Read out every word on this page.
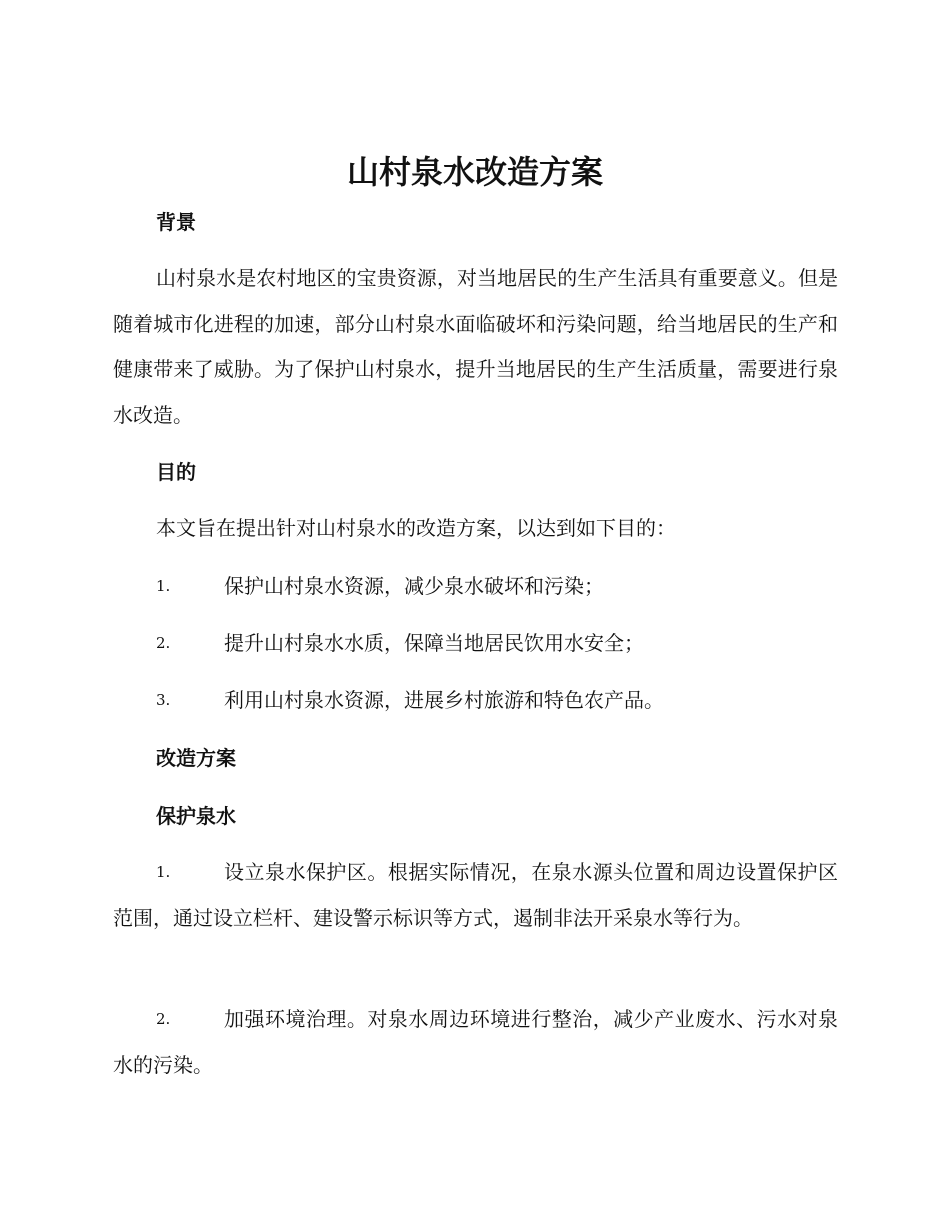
山村泉水改造方案
背景
山村泉水是农村地区的宝贵资源，对当地居民的生产生活具有重要意义。但是随着城市化进程的加速，部分山村泉水面临破坏和污染问题，给当地居民的生产和健康带来了威胁。为了保护山村泉水，提升当地居民的生产生活质量，需要进行泉水改造。
目的
本文旨在提出针对山村泉水的改造方案，以达到如下目的：
1.	保护山村泉水资源，减少泉水破坏和污染；
2.	提升山村泉水水质，保障当地居民饮用水安全；
3.	利用山村泉水资源，进展乡村旅游和特色农产品。
改造方案
保护泉水
1.	设立泉水保护区。根据实际情况，在泉水源头位置和周边设置保护区范围，通过设立栏杆、建设警示标识等方式，遏制非法开采泉水等行为。
2.	加强环境治理。对泉水周边环境进行整治，减少产业废水、污水对泉水的污染。
